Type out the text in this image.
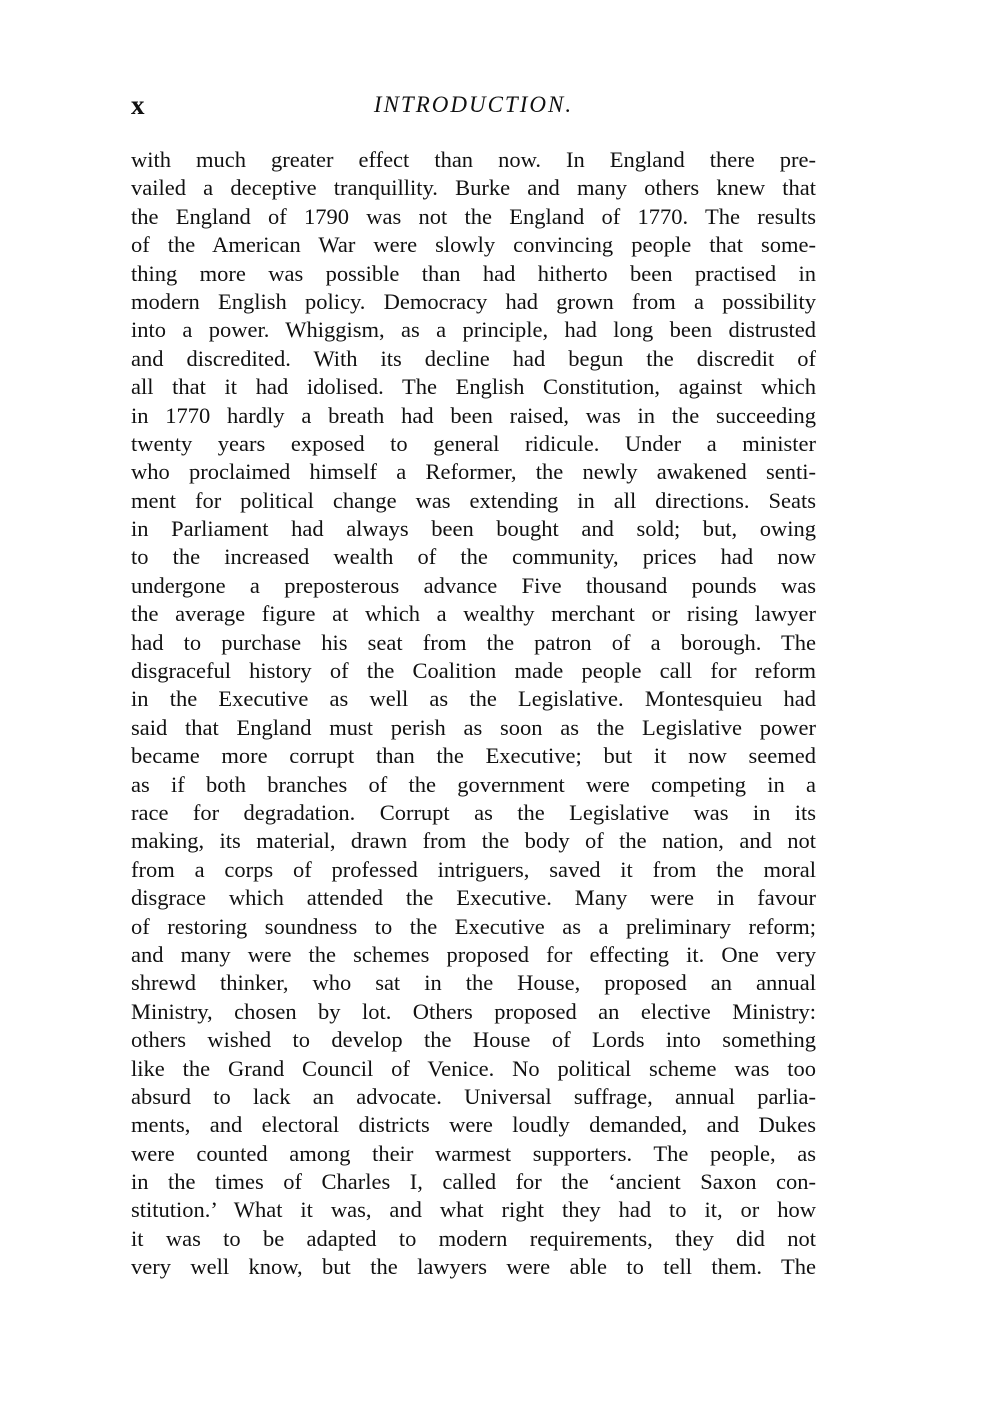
x	INTRODUCTION.
with much greater effect than now. In England there pre-
vailed a deceptive tranquillity. Burke and many others knew that
the England of 1790 was not the England of 1770. The results
of the American War were slowly convincing people that some-
thing more was possible than had hitherto been practised in
modern English policy. Democracy had grown from a possibility
into a power. Whiggism, as a principle, had long been distrusted
and discredited. With its decline had begun the discredit of
all that it had idolised. The English Constitution, against which
in 1770 hardly a breath had been raised, was in the succeeding
twenty years exposed to general ridicule. Under a minister
who proclaimed himself a Reformer, the newly awakened senti-
ment for political change was extending in all directions. Seats
in Parliament had always been bought and sold; but, owing
to the increased wealth of the community, prices had now
undergone a preposterous advance Five thousand pounds was
the average figure at which a wealthy merchant or rising lawyer
had to purchase his seat from the patron of a borough. The
disgraceful history of the Coalition made people call for reform
in the Executive as well as the Legislative. Montesquieu had
said that England must perish as soon as the Legislative power
became more corrupt than the Executive; but it now seemed
as if both branches of the government were competing in a
race for degradation. Corrupt as the Legislative was in its
making, its material, drawn from the body of the nation, and not
from a corps of professed intriguers, saved it from the moral
disgrace which attended the Executive. Many were in favour
of restoring soundness to the Executive as a preliminary reform;
and many were the schemes proposed for effecting it. One very
shrewd thinker, who sat in the House, proposed an annual
Ministry, chosen by lot. Others proposed an elective Ministry:
others wished to develop the House of Lords into something
like the Grand Council of Venice. No political scheme was too
absurd to lack an advocate. Universal suffrage, annual parlia-
ments, and electoral districts were loudly demanded, and Dukes
were counted among their warmest supporters. The people, as
in the times of Charles I, called for the ‘ancient Saxon con-
stitution.’ What it was, and what right they had to it, or how
it was to be adapted to modern requirements, they did not
very well know, but the lawyers were able to tell them. The
